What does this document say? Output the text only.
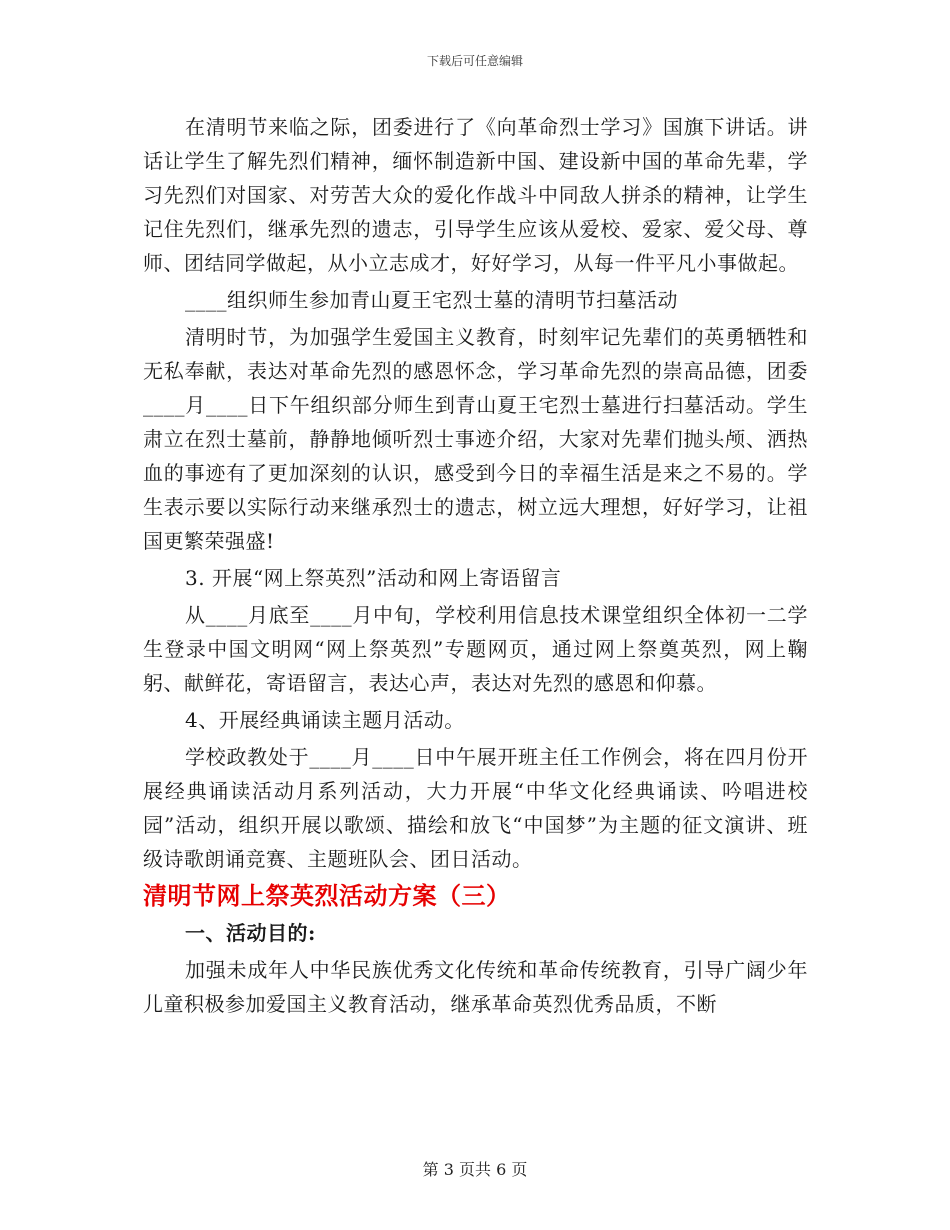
下载后可任意编辑

在清明节来临之际，团委进行了《向革命烈士学习》国旗下讲话。讲话让学生了解先烈们精神，缅怀制造新中国、建设新中国的革命先辈，学习先烈们对国家、对劳苦大众的爱化作战斗中同敌人拼杀的精神，让学生记住先烈们，继承先烈的遗志，引导学生应该从爱校、爱家、爱父母、尊师、团结同学做起，从小立志成才，好好学习，从每一件平凡小事做起。

____组织师生参加青山夏王宅烈士墓的清明节扫墓活动

清明时节，为加强学生爱国主义教育，时刻牢记先辈们的英勇牺牲和无私奉献，表达对革命先烈的感恩怀念，学习革命先烈的崇高品德，团委____月____日下午组织部分师生到青山夏王宅烈士墓进行扫墓活动。学生肃立在烈士墓前，静静地倾听烈士事迹介绍，大家对先辈们抛头颅、洒热血的事迹有了更加深刻的认识，感受到今日的幸福生活是来之不易的。学生表示要以实际行动来继承烈士的遗志，树立远大理想，好好学习，让祖国更繁荣强盛!

3. 开展“网上祭英烈”活动和网上寄语留言

从____月底至____月中旬，学校利用信息技术课堂组织全体初一二学生登录中国文明网“网上祭英烈”专题网页，通过网上祭奠英烈，网上鞠躬、献鲜花，寄语留言，表达心声，表达对先烈的感恩和仰慕。

4、开展经典诵读主题月活动。

学校政教处于____月____日中午展开班主任工作例会，将在四月份开展经典诵读活动月系列活动，大力开展“中华文化经典诵读、吟唱进校园”活动，组织开展以歌颂、描绘和放飞“中国梦”为主题的征文演讲、班级诗歌朗诵竞赛、主题班队会、团日活动。

清明节网上祭英烈活动方案（三）

一、活动目的:

加强未成年人中华民族优秀文化传统和革命传统教育，引导广阔少年儿童积极参加爱国主义教育活动，继承革命英烈优秀品质，不断

第 3 页共 6 页
